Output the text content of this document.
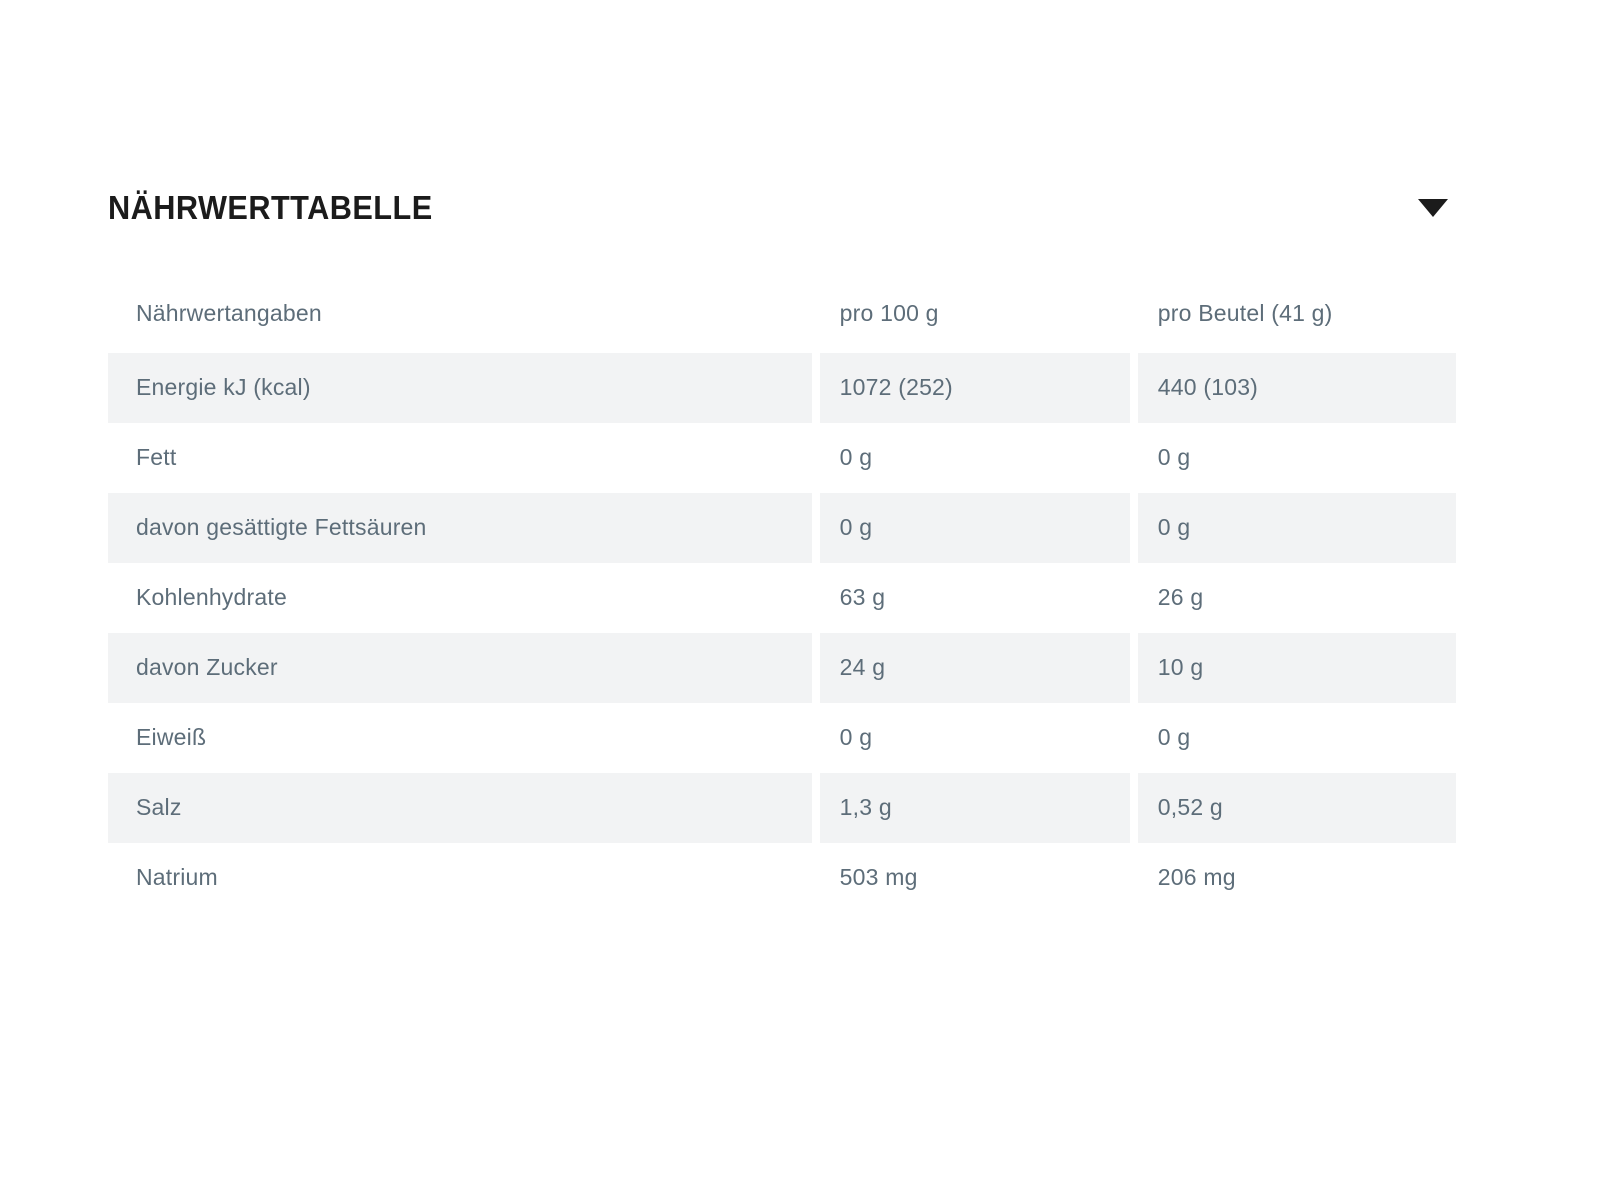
NÄHRWERTTABELLE
Nährwertangaben	pro 100 g	pro Beutel (41 g)
Energie kJ (kcal)	1072 (252)	440 (103)
Fett	0 g	0 g
davon gesättigte Fettsäuren	0 g	0 g
Kohlenhydrate	63 g	26 g
davon Zucker	24 g	10 g
Eiweiß	0 g	0 g
Salz	1,3 g	0,52 g
Natrium	503 mg	206 mg
